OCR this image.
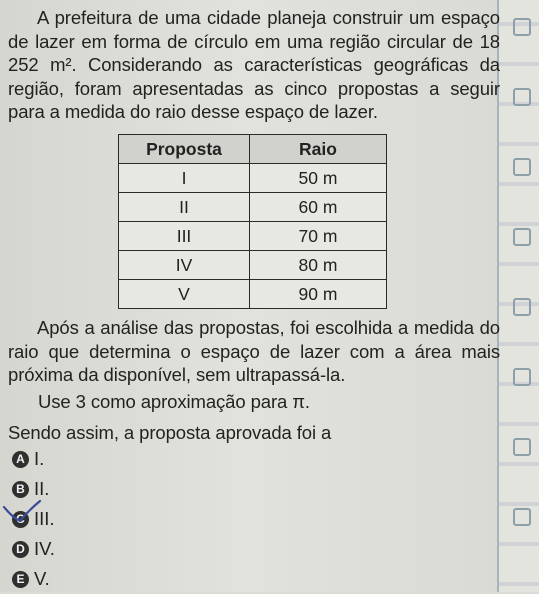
A prefeitura de uma cidade planeja construir um espaço de lazer em forma de círculo em uma região circular de 18 252 m². Considerando as características geográficas da região, foram apresentadas as cinco propostas a seguir para a medida do raio desse espaço de lazer.
Proposta	Raio
I	50 m
II	60 m
III	70 m
IV	80 m
V	90 m
Após a análise das propostas, foi escolhida a medida do raio que determina o espaço de lazer com a área mais próxima da disponível, sem ultrapassá-la.
Use 3 como aproximação para π.
Sendo assim, a proposta aprovada foi a
A I.
B II.
C III.
D IV.
E V.
